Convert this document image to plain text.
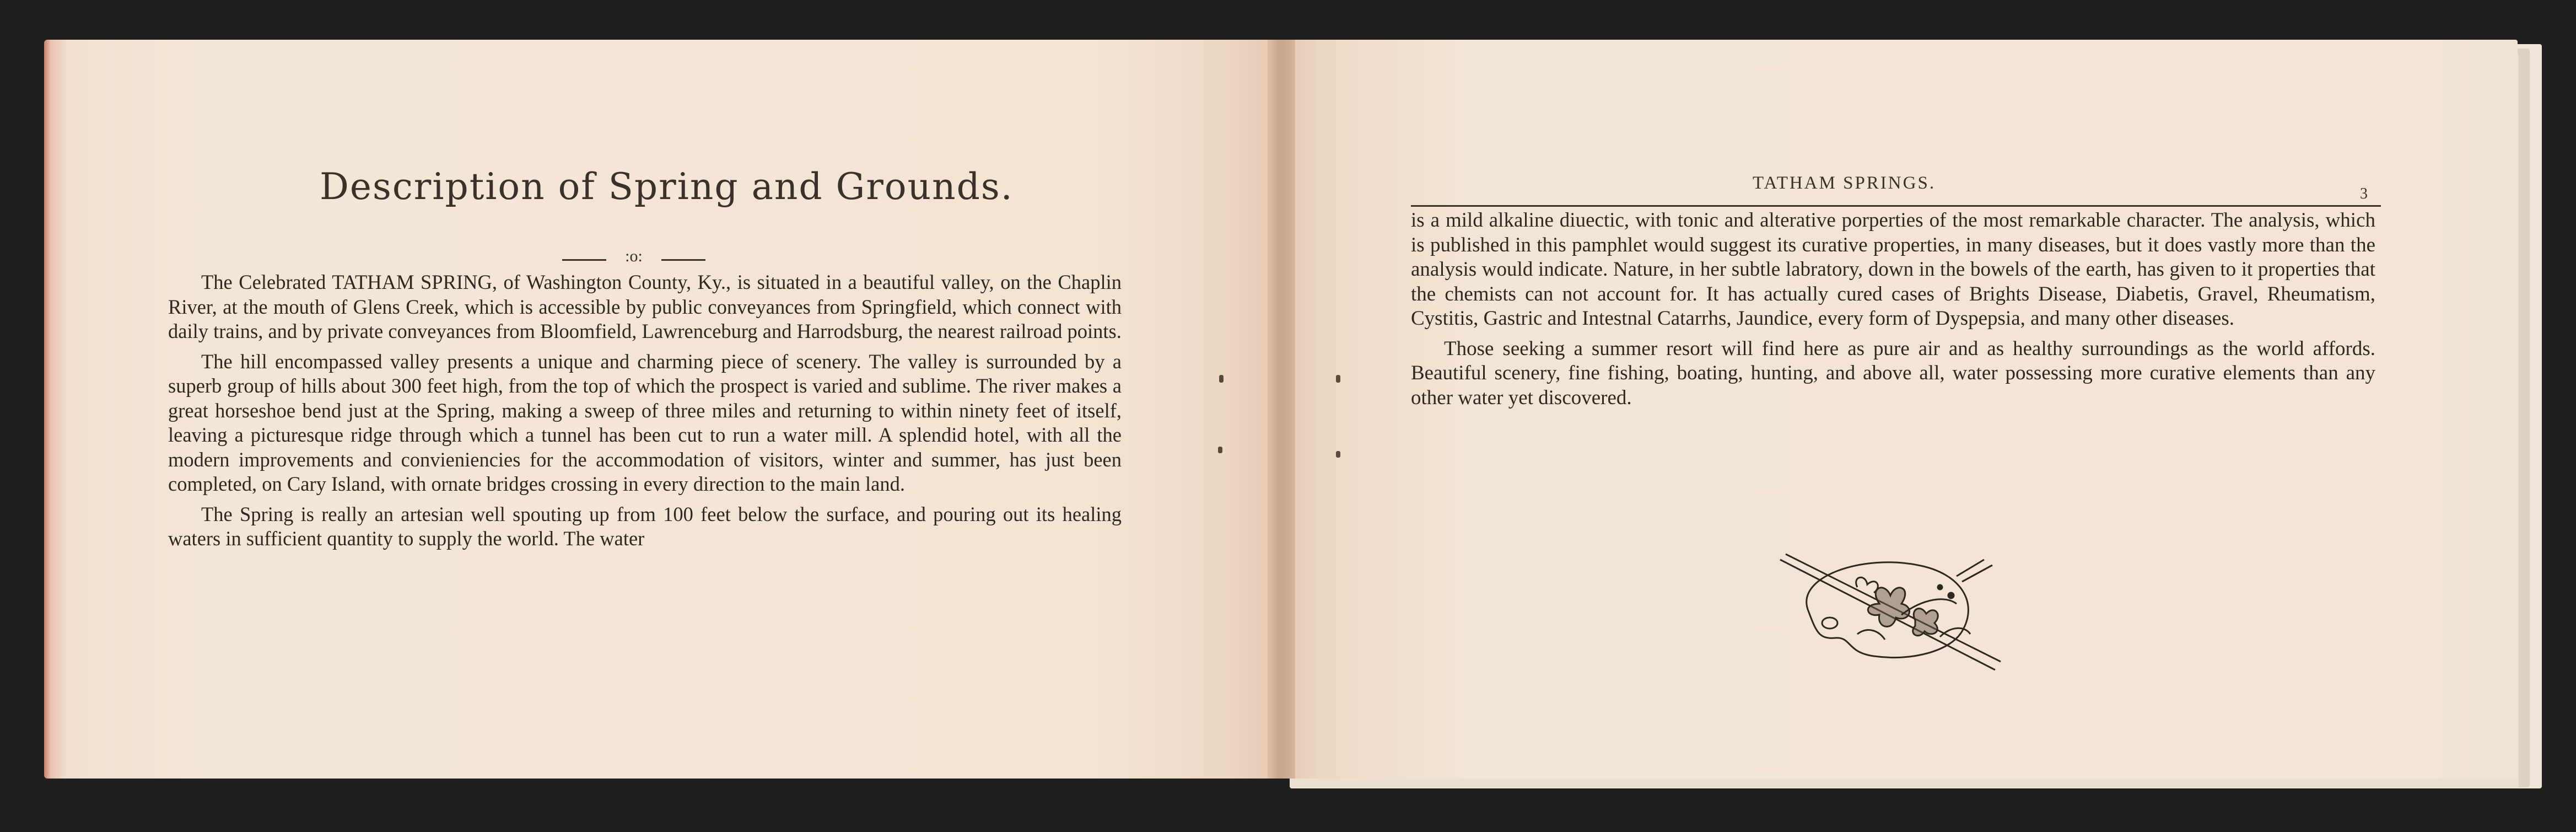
Description of Spring and Grounds.
:o:

The Celebrated TATHAM SPRING, of Washington County, Ky., is situated in a beautiful valley, on the Chaplin River, at the mouth of Glens Creek, which is accessible by public conveyances from Springfield, which connect with daily trains, and by private conveyances from Bloomfield, Lawrenceburg and Harrodsburg, the nearest railroad points.

The hill encompassed valley presents a unique and charming piece of scenery. The valley is surrounded by a superb group of hills about 300 feet high, from the top of which the prospect is varied and sublime. The river makes a great horseshoe bend just at the Spring, making a sweep of three miles and returning to within ninety feet of itself, leaving a picturesque ridge through which a tunnel has been cut to run a water mill. A splendid hotel, with all the modern improvements and convieniencies for the accommodation of visitors, winter and summer, has just been completed, on Cary Island, with ornate bridges crossing in every direction to the main land.

The Spring is really an artesian well spouting up from 100 feet below the surface, and pouring out its healing waters in sufficient quantity to supply the world. The water

TATHAM SPRINGS.
3

is a mild alkaline diuectic, with tonic and alterative porperties of the most remarkable character. The analysis, which is published in this pamphlet would suggest its curative properties, in many diseases, but it does vastly more than the analysis would indicate. Nature, in her subtle labratory, down in the bowels of the earth, has given to it properties that the chemists can not account for. It has actually cured cases of Brights Disease, Diabetis, Gravel, Rheumatism, Cystitis, Gastric and Intestnal Catarrhs, Jaundice, every form of Dyspepsia, and many other diseases.

Those seeking a summer resort will find here as pure air and as healthy surroundings as the world affords. Beautiful scenery, fine fishing, boating, hunting, and above all, water possessing more curative elements than any other water yet discovered.
